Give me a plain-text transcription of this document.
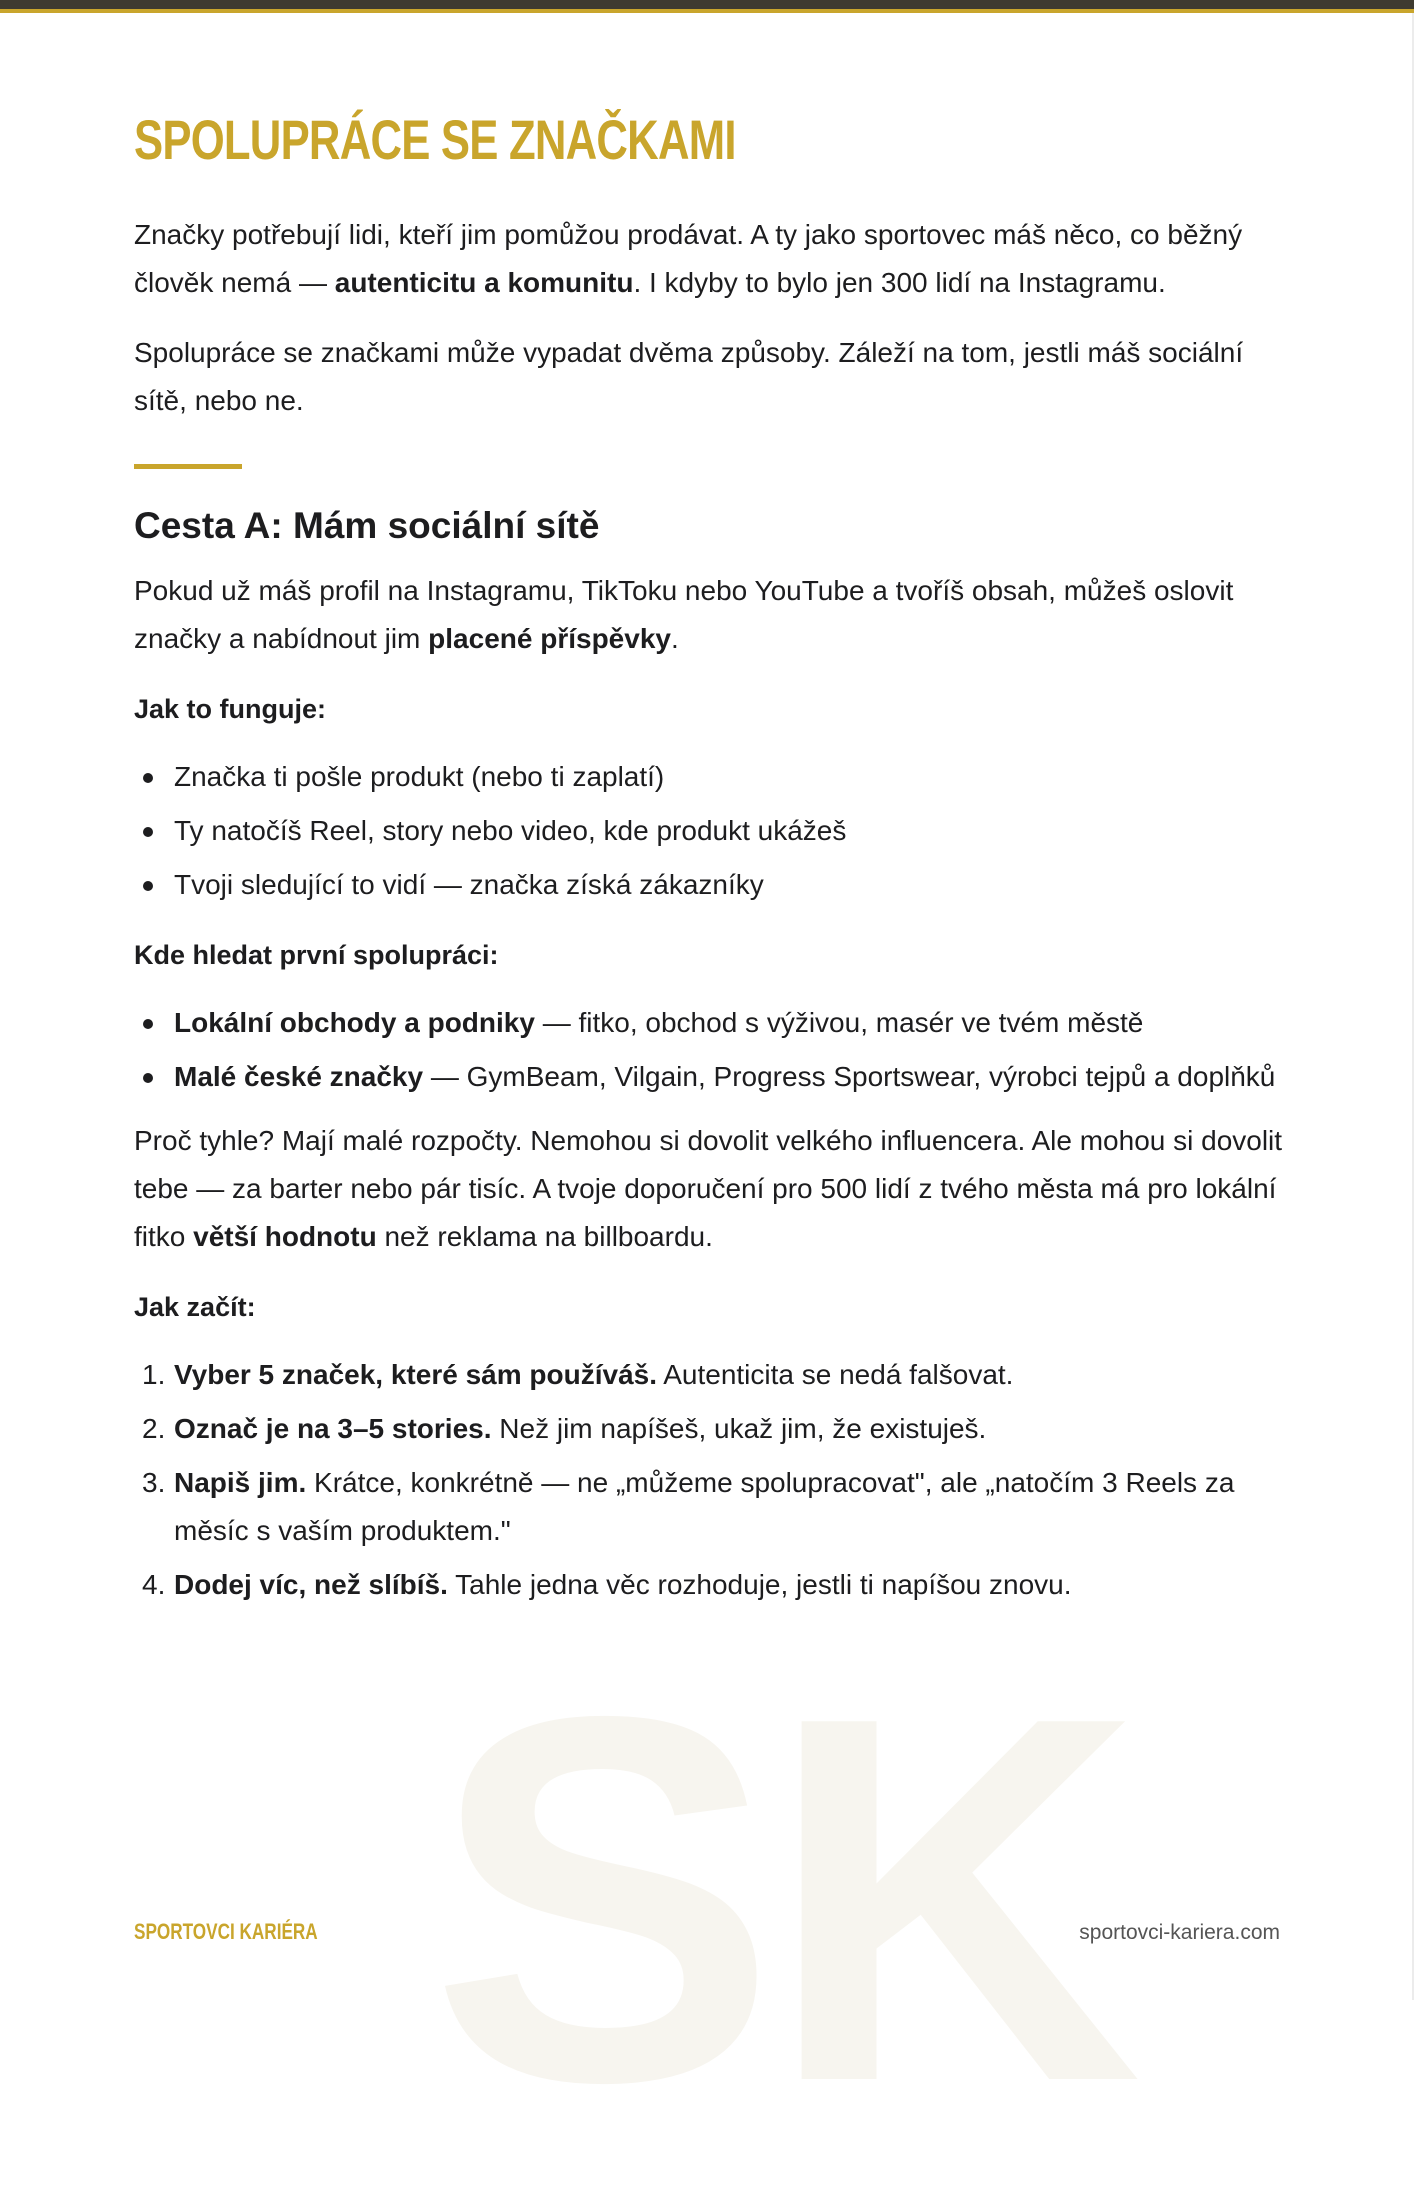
SK
SPOLUPRÁCE SE ZNAČKAMI

Značky potřebují lidi, kteří jim pomůžou prodávat. A ty jako sportovec máš něco, co běžný člověk nemá — autenticitu a komunitu. I kdyby to bylo jen 300 lidí na Instagramu.

Spolupráce se značkami může vypadat dvěma způsoby. Záleží na tom, jestli máš sociální sítě, nebo ne.

Cesta A: Mám sociální sítě

Pokud už máš profil na Instagramu, TikToku nebo YouTube a tvoříš obsah, můžeš oslovit značky a nabídnout jim placené příspěvky.

Jak to funguje:
Značka ti pošle produkt (nebo ti zaplatí)
Ty natočíš Reel, story nebo video, kde produkt ukážeš
Tvoji sledující to vidí — značka získá zákazníky
Kde hledat první spolupráci:
Lokální obchody a podniky — fitko, obchod s výživou, masér ve tvém městě
Malé české značky — GymBeam, Vilgain, Progress Sportswear, výrobci tejpů a doplňků

Proč tyhle? Mají malé rozpočty. Nemohou si dovolit velkého influencera. Ale mohou si dovolit tebe — za barter nebo pár tisíc. A tvoje doporučení pro 500 lidí z tvého města má pro lokální fitko větší hodnotu než reklama na billboardu.

Jak začít:
1. Vyber 5 značek, které sám používáš. Autenticita se nedá falšovat.
2. Označ je na 3–5 stories. Než jim napíšeš, ukaž jim, že existuješ.
3. Napiš jim. Krátce, konkrétně — ne „můžeme spolupracovat", ale „natočím 3 Reels za měsíc s vaším produktem."
4. Dodej víc, než slíbíš. Tahle jedna věc rozhoduje, jestli ti napíšou znovu.
SPORTOVCI KARIÉRA	sportovci-kariera.com
